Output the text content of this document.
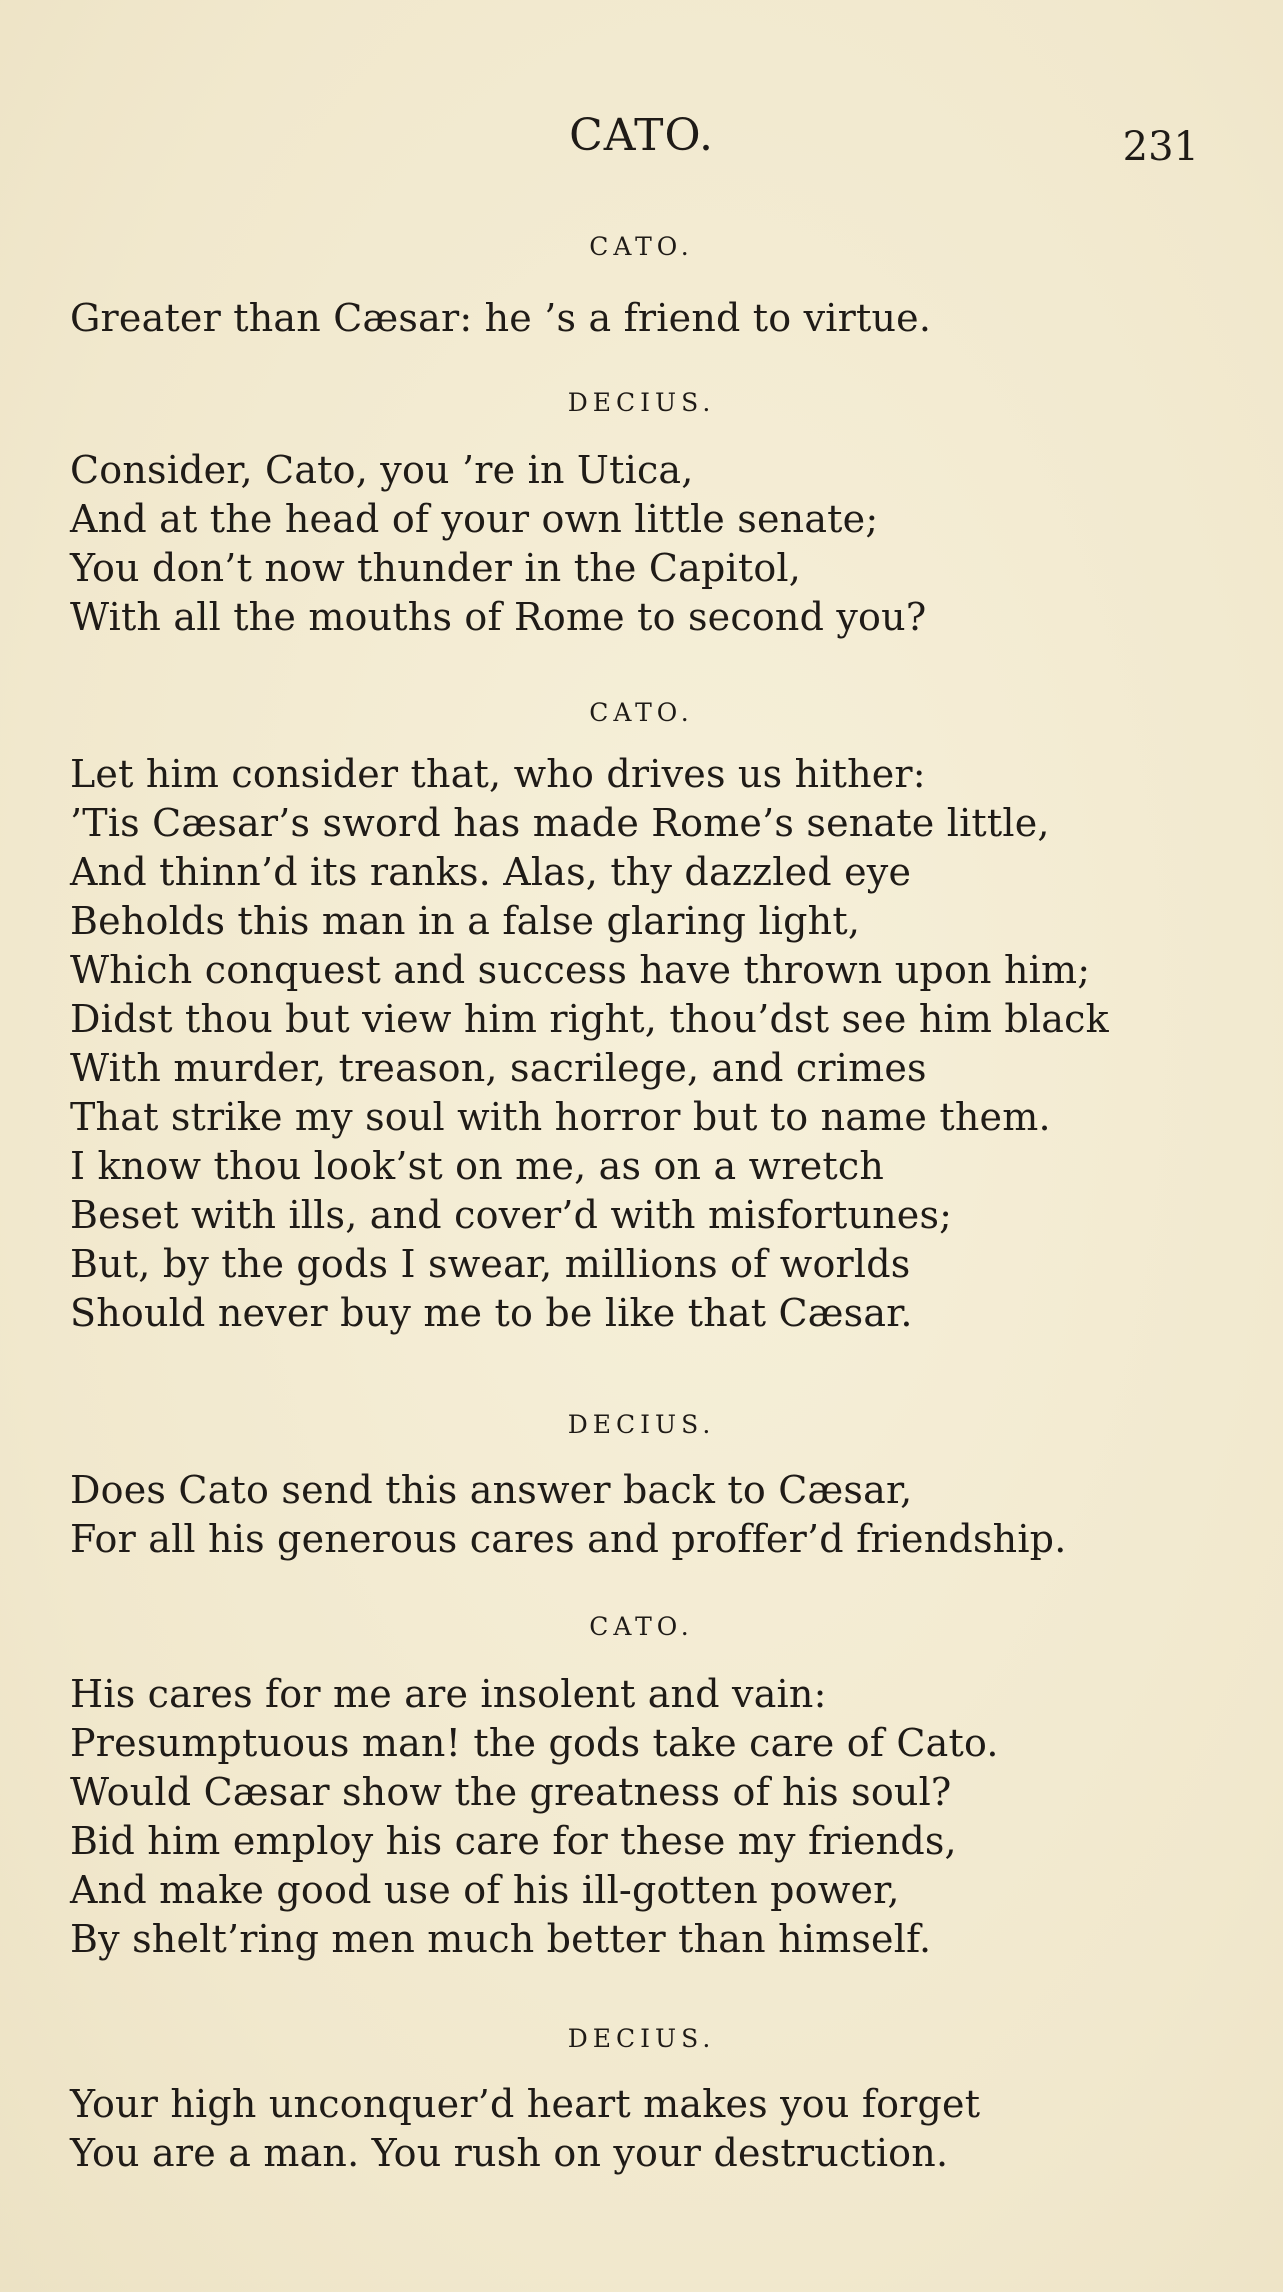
CATO.	231
CATO.
Greater than Cæsar: he ’s a friend to virtue.
DECIUS.
Consider, Cato, you ’re in Utica,
And at the head of your own little senate;
You don’t now thunder in the Capitol,
With all the mouths of Rome to second you?
CATO.
Let him consider that, who drives us hither:
’Tis Cæsar’s sword has made Rome’s senate little,
And thinn’d its ranks. Alas, thy dazzled eye
Beholds this man in a false glaring light,
Which conquest and success have thrown upon him;
Didst thou but view him right, thou’dst see him black
With murder, treason, sacrilege, and crimes
That strike my soul with horror but to name them.
I know thou look’st on me, as on a wretch
Beset with ills, and cover’d with misfortunes;
But, by the gods I swear, millions of worlds
Should never buy me to be like that Cæsar.
DECIUS.
Does Cato send this answer back to Cæsar,
For all his generous cares and proffer’d friendship.
CATO.
His cares for me are insolent and vain:
Presumptuous man! the gods take care of Cato.
Would Cæsar show the greatness of his soul?
Bid him employ his care for these my friends,
And make good use of his ill-gotten power,
By shelt’ring men much better than himself.
DECIUS.
Your high unconquer’d heart makes you forget
You are a man. You rush on your destruction.
